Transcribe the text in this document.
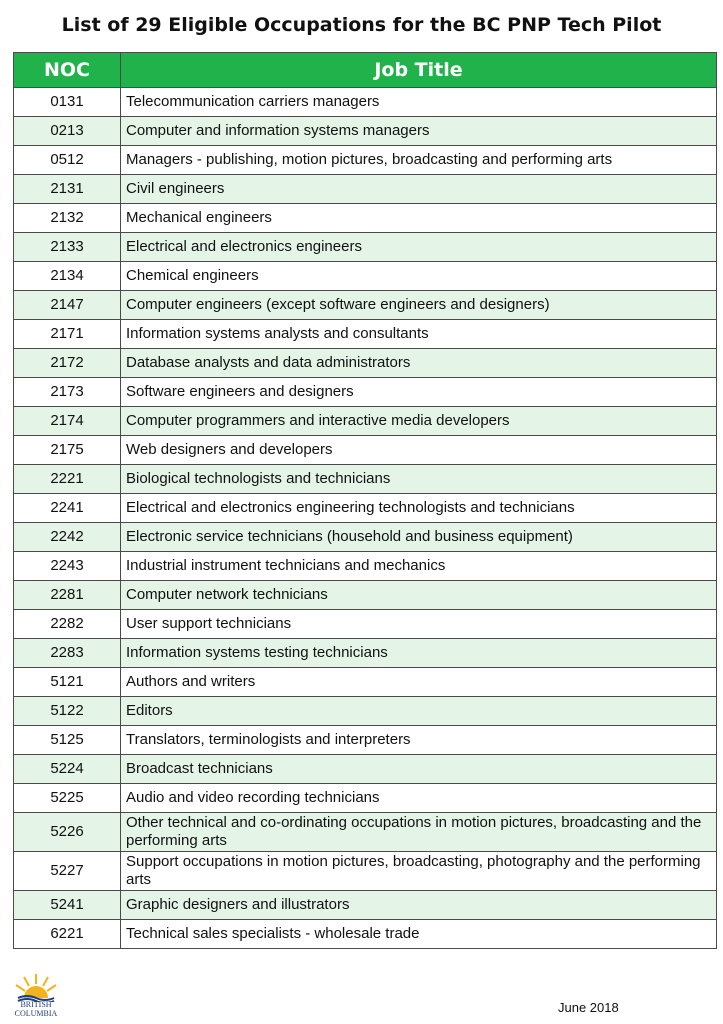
List of 29 Eligible Occupations for the BC PNP Tech Pilot
NOC	Job Title
0131	Telecommunication carriers managers
0213	Computer and information systems managers
0512	Managers - publishing, motion pictures, broadcasting and performing arts
2131	Civil engineers
2132	Mechanical engineers
2133	Electrical and electronics engineers
2134	Chemical engineers
2147	Computer engineers (except software engineers and designers)
2171	Information systems analysts and consultants
2172	Database analysts and data administrators
2173	Software engineers and designers
2174	Computer programmers and interactive media developers
2175	Web designers and developers
2221	Biological technologists and technicians
2241	Electrical and electronics engineering technologists and technicians
2242	Electronic service technicians (household and business equipment)
2243	Industrial instrument technicians and mechanics
2281	Computer network technicians
2282	User support technicians
2283	Information systems testing technicians
5121	Authors and writers
5122	Editors
5125	Translators, terminologists and interpreters
5224	Broadcast technicians
5225	Audio and video recording technicians
5226	Other technical and co-ordinating occupations in motion pictures, broadcasting and the performing arts
5227	Support occupations in motion pictures, broadcasting, photography and the performing arts
5241	Graphic designers and illustrators
6221	Technical sales specialists - wholesale trade
BRITISH
COLUMBIA	June 2018
